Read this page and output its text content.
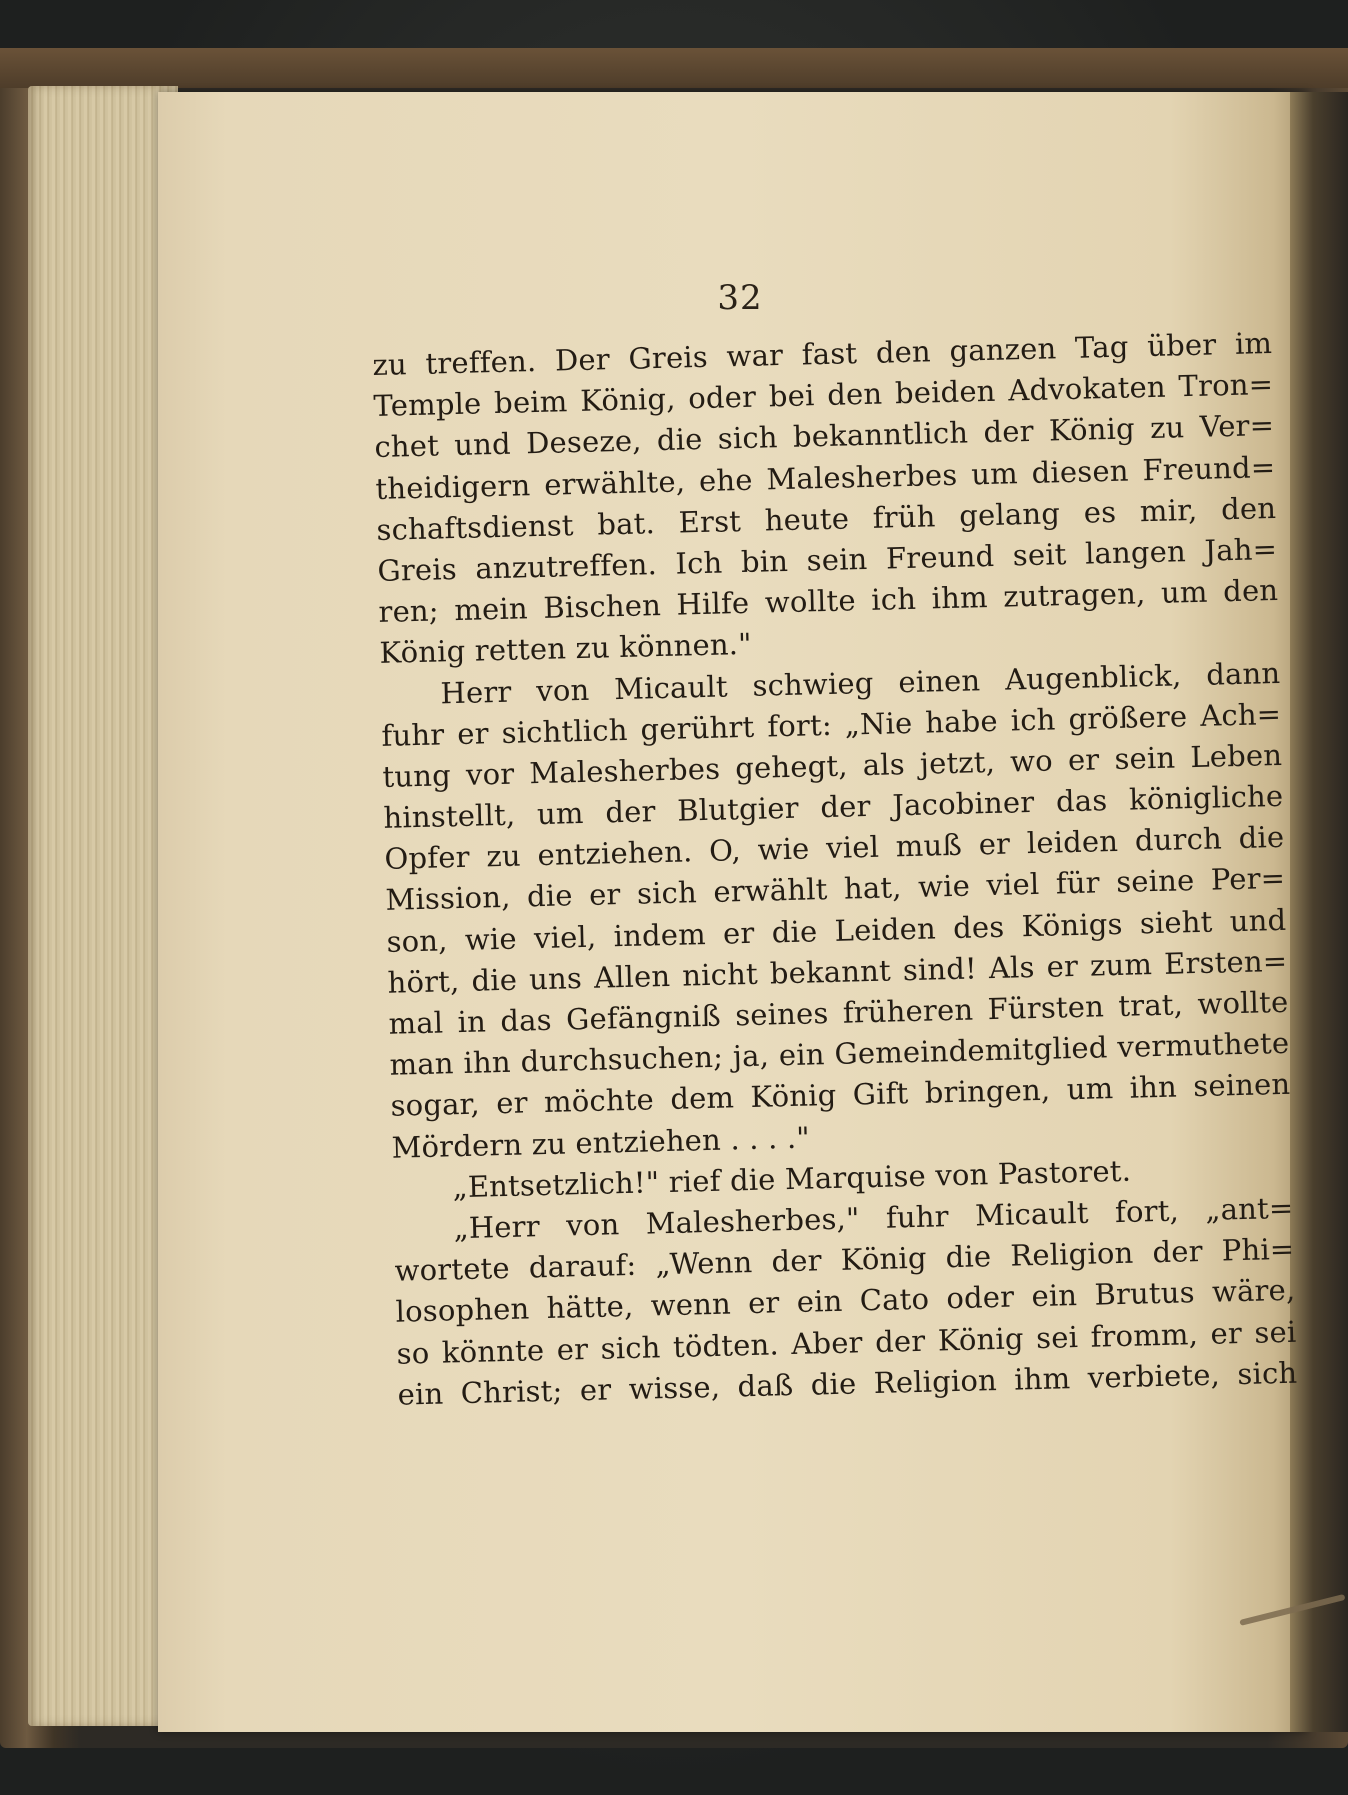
32
zu treffen. Der Greis war fast den ganzen Tag über im
Temple beim König, oder bei den beiden Advokaten Tron=
chet und Deseze, die sich bekanntlich der König zu Ver=
theidigern erwählte, ehe Malesherbes um diesen Freund=
schaftsdienst bat. Erst heute früh gelang es mir, den
Greis anzutreffen. Ich bin sein Freund seit langen Jah=
ren; mein Bischen Hilfe wollte ich ihm zutragen, um den
König retten zu können."
Herr von Micault schwieg einen Augenblick, dann
fuhr er sichtlich gerührt fort: „Nie habe ich größere Ach=
tung vor Malesherbes gehegt, als jetzt, wo er sein Leben
hinstellt, um der Blutgier der Jacobiner das königliche
Opfer zu entziehen. O, wie viel muß er leiden durch die
Mission, die er sich erwählt hat, wie viel für seine Per=
son, wie viel, indem er die Leiden des Königs sieht und
hört, die uns Allen nicht bekannt sind! Als er zum Ersten=
mal in das Gefängniß seines früheren Fürsten trat, wollte
man ihn durchsuchen; ja, ein Gemeindemitglied vermuthete
sogar, er möchte dem König Gift bringen, um ihn seinen
Mördern zu entziehen . . . ."
„Entsetzlich!" rief die Marquise von Pastoret.
„Herr von Malesherbes," fuhr Micault fort, „ant=
wortete darauf: „Wenn der König die Religion der Phi=
losophen hätte, wenn er ein Cato oder ein Brutus wäre,
so könnte er sich tödten. Aber der König sei fromm, er sei
ein Christ; er wisse, daß die Religion ihm verbiete, sich
